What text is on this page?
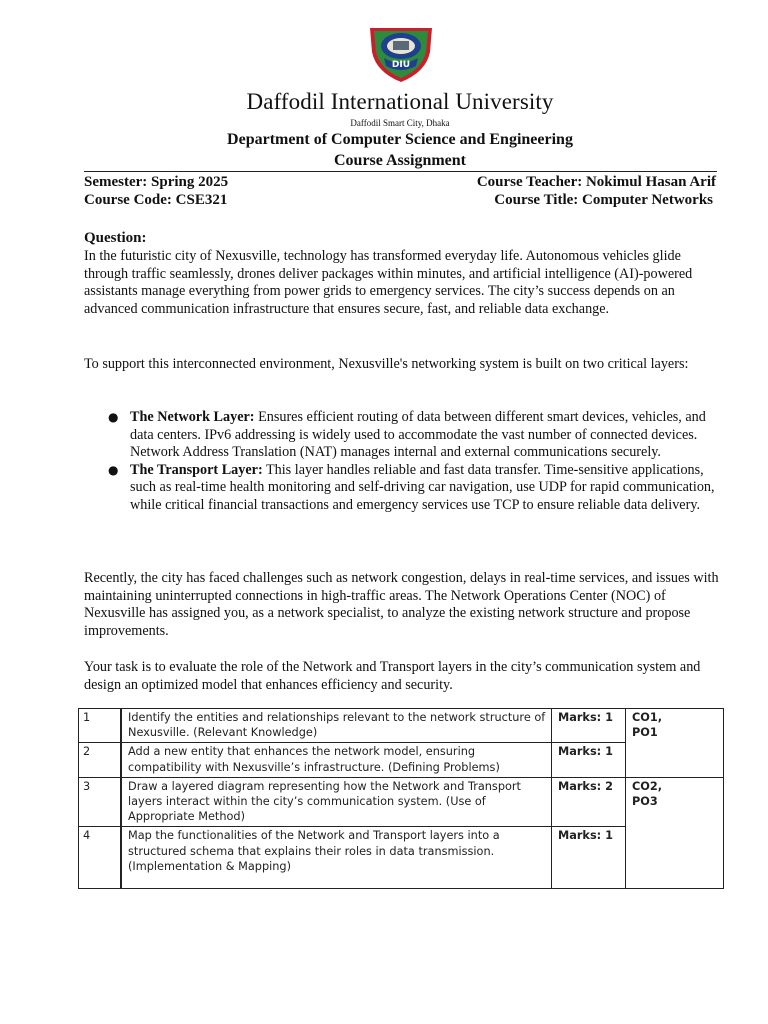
DIU
Daffodil International University
Daffodil Smart City, Dhaka
Department of Computer Science and Engineering
Course Assignment
Semester: Spring 2025
Course Code: CSE321
Course Teacher: Nokimul Hasan Arif
Course Title: Computer Networks
Question:
In the futuristic city of Nexusville, technology has transformed everyday life. Autonomous vehicles glide through traffic seamlessly, drones deliver packages within minutes, and artificial intelligence (AI)-powered assistants manage everything from power grids to emergency services. The city’s success depends on an advanced communication infrastructure that ensures secure, fast, and reliable data exchange.
To support this interconnected environment, Nexusville's networking system is built on two critical layers:
● The Network Layer: Ensures efficient routing of data between different smart devices, vehicles, and data centers. IPv6 addressing is widely used to accommodate the vast number of connected devices. Network Address Translation (NAT) manages internal and external communications securely.
● The Transport Layer: This layer handles reliable and fast data transfer. Time-sensitive applications, such as real-time health monitoring and self-driving car navigation, use UDP for rapid communication, while critical financial transactions and emergency services use TCP to ensure reliable data delivery.
Recently, the city has faced challenges such as network congestion, delays in real-time services, and issues with maintaining uninterrupted connections in high-traffic areas. The Network Operations Center (NOC) of Nexusville has assigned you, as a network specialist, to analyze the existing network structure and propose improvements.
Your task is to evaluate the role of the Network and Transport layers in the city’s communication system and design an optimized model that enhances efficiency and security.
1	Identify the entities and relationships relevant to the network structure of Nexusville. (Relevant Knowledge)	Marks: 1	CO1, PO1

2	Add a new entity that enhances the network model, ensuring compatibility with Nexusville’s infrastructure. (Defining Problems)	Marks: 1	
3	Draw a layered diagram representing how the Network and Transport layers interact within the city’s communication system. (Use of Appropriate Method)	Marks: 2	CO2, PO3

4	Map the functionalities of the Network and Transport layers into a structured schema that explains their roles in data transmission. (Implementation & Mapping)	Marks: 1	
